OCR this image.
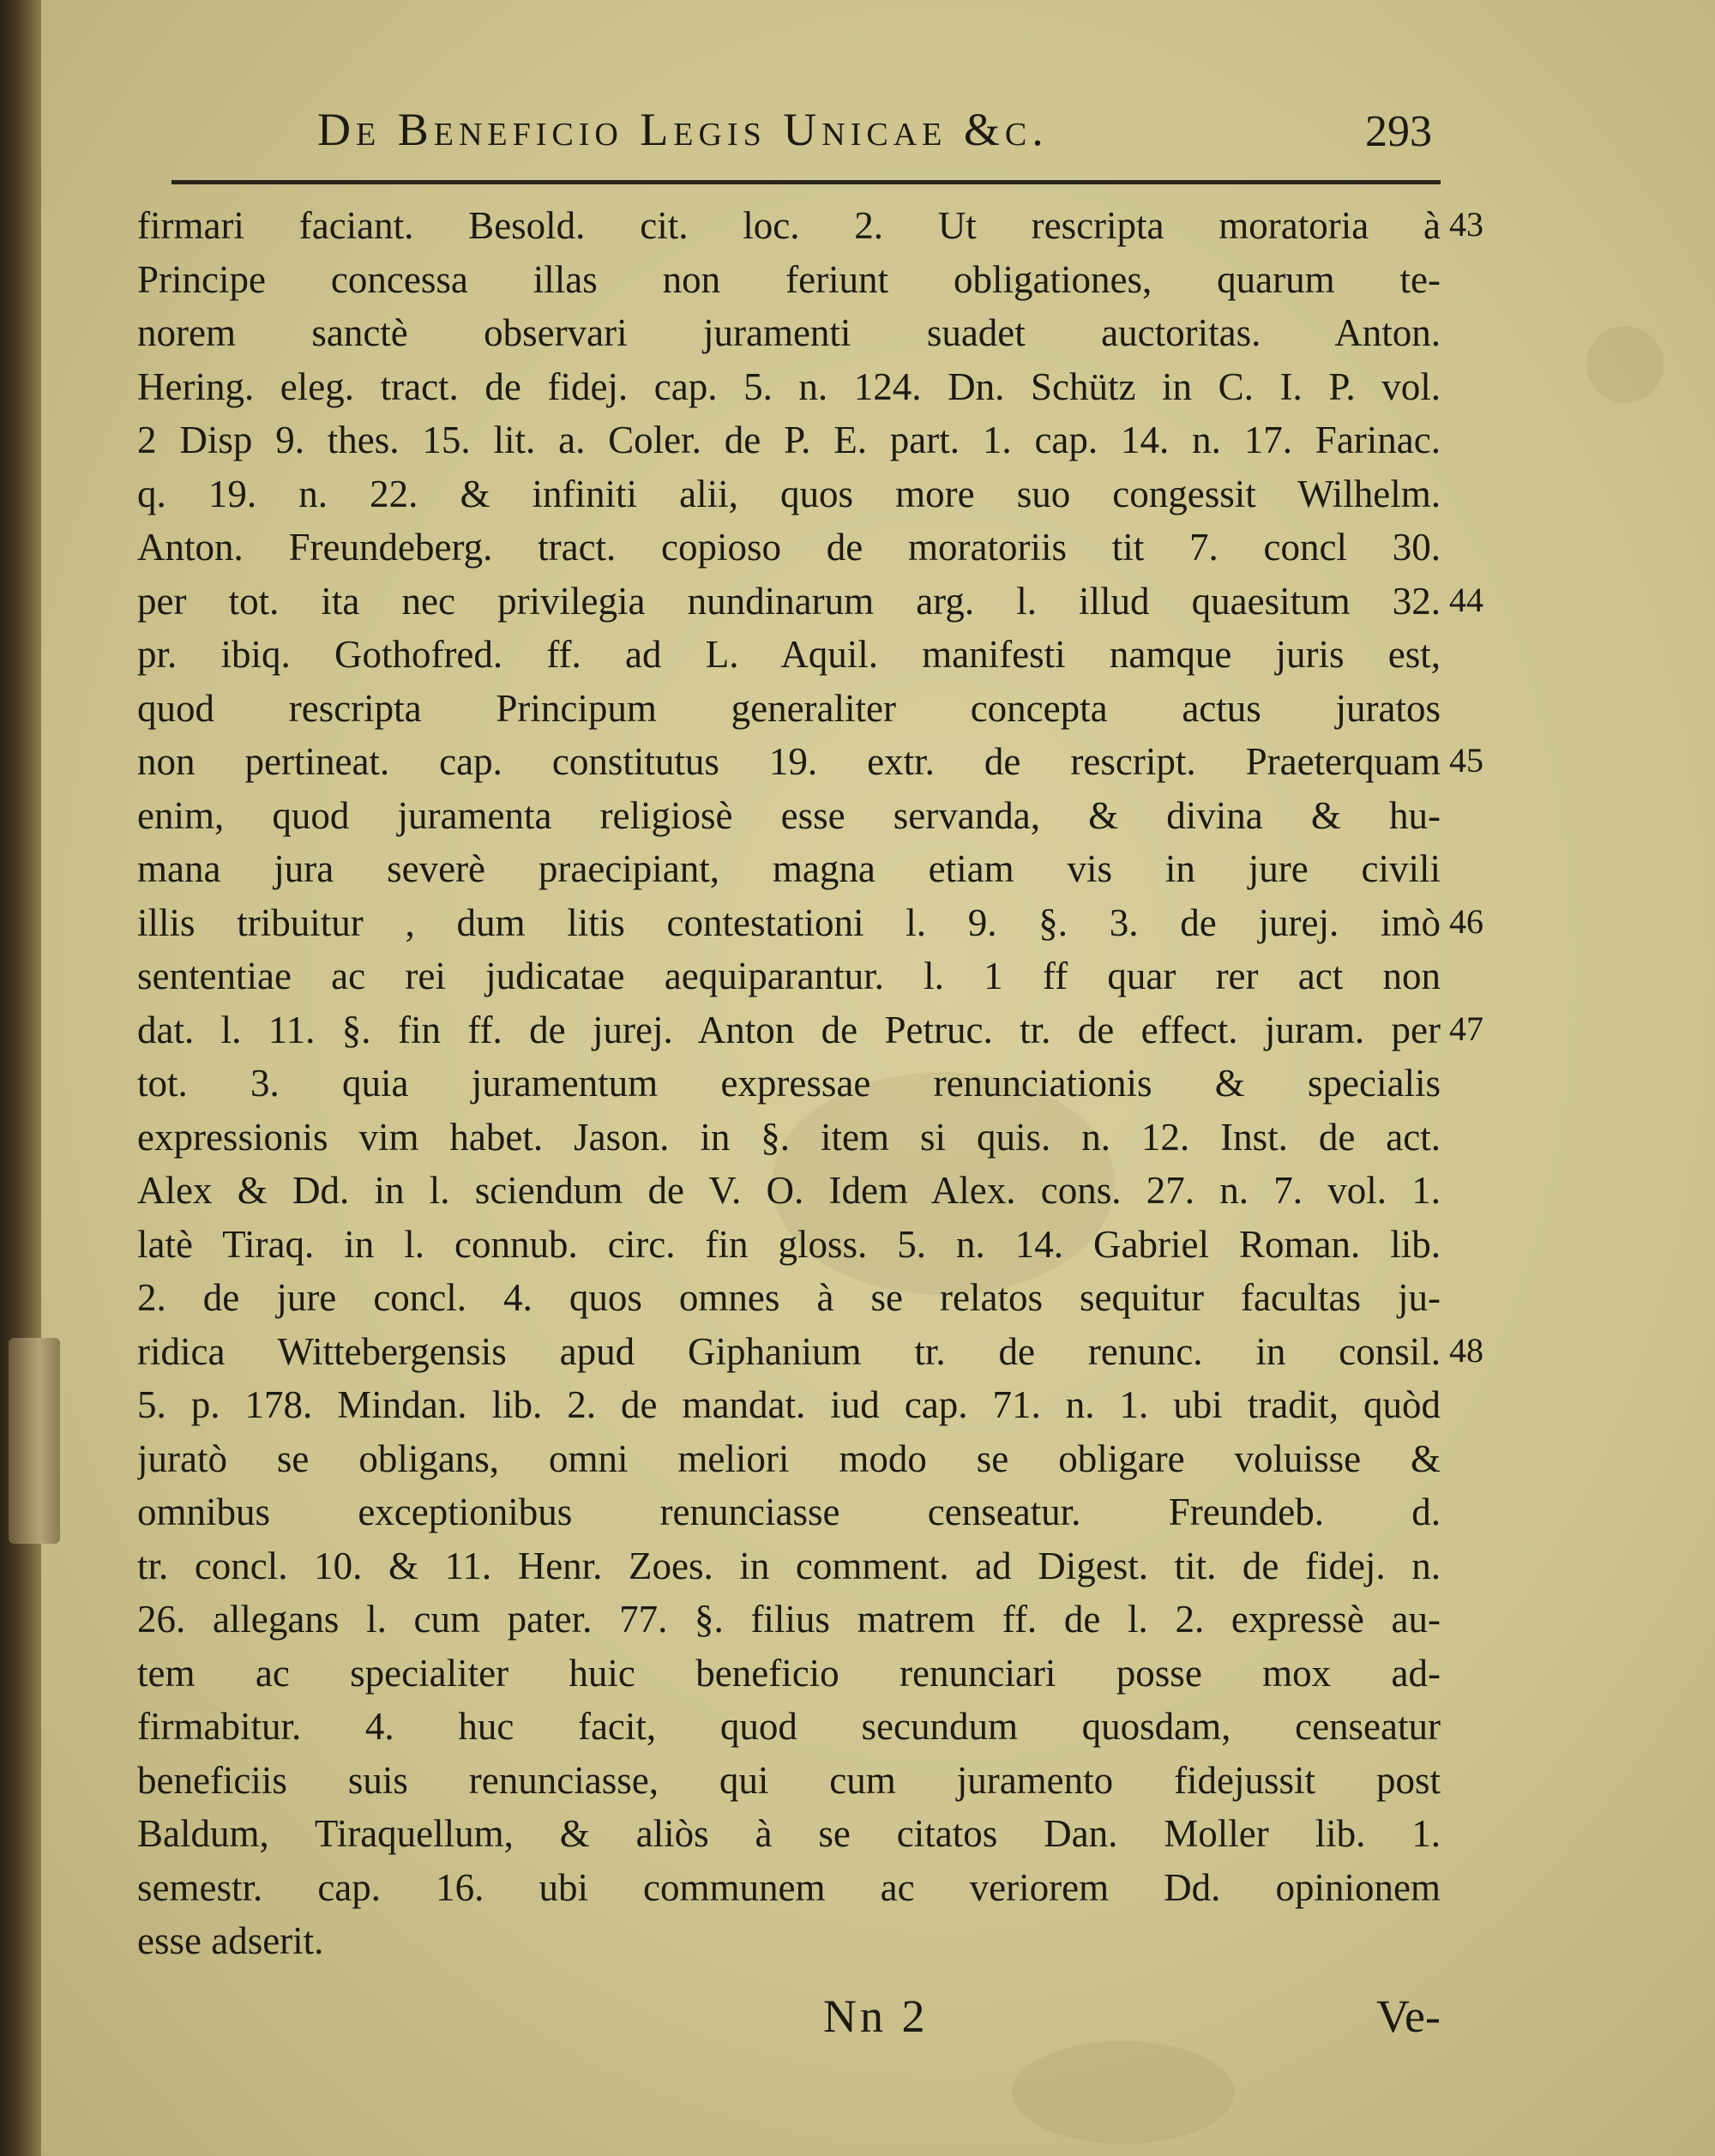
De Beneficio Legis Unicae &c.	293
firmari faciant. Besold. cit. loc. 2. Ut rescripta moratoria à
Principe concessa illas non feriunt obligationes, quarum te-
norem sanctè observari juramenti suadet auctoritas. Anton.
Hering. eleg. tract. de fidej. cap. 5. n. 124. Dn. Schütz in C. I. P. vol.
2 Disp 9. thes. 15. lit. a. Coler. de P. E. part. 1. cap. 14. n. 17. Farinac.
q. 19. n. 22. & infiniti alii, quos more suo congessit Wilhelm.
Anton. Freundeberg. tract. copioso de moratoriis tit 7. concl 30.
per tot. ita nec privilegia nundinarum arg. l. illud quaesitum 32.
pr. ibiq. Gothofred. ff. ad L. Aquil. manifesti namque juris est,
quod rescripta Principum generaliter concepta actus juratos
non pertineat. cap. constitutus 19. extr. de rescript. Praeterquam
enim, quod juramenta religiosè esse servanda, & divina & hu-
mana jura severè praecipiant, magna etiam vis in jure civili
illis tribuitur , dum litis contestationi l. 9. §. 3. de jurej. imò
sententiae ac rei judicatae aequiparantur. l. 1 ff quar rer act non
dat. l. 11. §. fin ff. de jurej. Anton de Petruc. tr. de effect. juram. per
tot. 3. quia juramentum expressae renunciationis & specialis
expressionis vim habet. Jason. in §. item si quis. n. 12. Inst. de act.
Alex & Dd. in l. sciendum de V. O. Idem Alex. cons. 27. n. 7. vol. 1.
latè Tiraq. in l. connub. circ. fin gloss. 5. n. 14. Gabriel Roman. lib.
2. de jure concl. 4. quos omnes à se relatos sequitur facultas ju-
ridica Wittebergensis apud Giphanium tr. de renunc. in consil.
5. p. 178. Mindan. lib. 2. de mandat. iud cap. 71. n. 1. ubi tradit, quòd
juratò se obligans, omni meliori modo se obligare voluisse &
omnibus exceptionibus renunciasse censeatur. Freundeb. d.
tr. concl. 10. & 11. Henr. Zoes. in comment. ad Digest. tit. de fidej. n.
26. allegans l. cum pater. 77. §. filius matrem ff. de l. 2. expressè au-
tem ac specialiter huic beneficio renunciari posse mox ad-
firmabitur. 4. huc facit, quod secundum quosdam, censeatur
beneficiis suis renunciasse, qui cum juramento fidejussit post
Baldum, Tiraquellum, & aliòs à se citatos Dan. Moller lib. 1.
semestr. cap. 16. ubi communem ac veriorem Dd. opinionem
esse adserit.
43
44
45
46
47
48
Nn 2	Ve-
